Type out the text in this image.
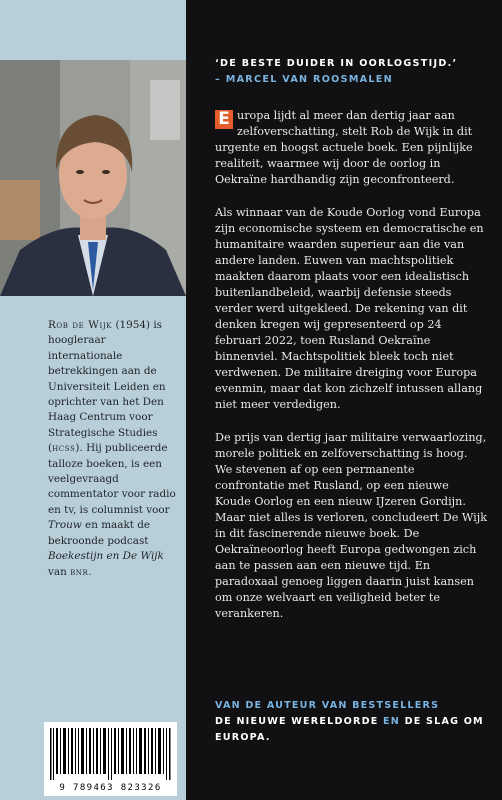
Rob de Wijk (1954) is hoogleraar internationale betrekkingen aan de Universiteit Leiden en oprichter van het Den Haag Centrum voor Strategische Studies (hcss). Hij publiceerde talloze boeken, is een veelgevraagd commentator voor radio en tv, is columnist voor Trouw en maakt de bekroonde podcast Boekestijn en De Wijk van bnr.
9 789463 823326
‘DE BESTE DUIDER IN OORLOGSTIJD.’
– MARCEL VAN ROOSMALEN

E uropa lijdt al meer dan dertig jaar aan zelfoverschatting, stelt Rob de Wijk in dit urgente en hoogst actuele boek. Een pijnlijke realiteit, waarmee wij door de oorlog in Oekraïne hardhandig zijn geconfronteerd.

Als winnaar van de Koude Oorlog vond Europa zijn economische systeem en democratische en humanitaire waarden superieur aan die van andere landen. Euwen van machtspolitiek maakten daarom plaats voor een idealistisch buitenlandbeleid, waarbij defensie steeds verder werd uitgekleed. De rekening van dit denken kregen wij gepresenteerd op 24 februari 2022, toen Rusland Oekraïne binnenviel. Machtspolitiek bleek toch niet verdwenen. De militaire dreiging voor Europa evenmin, maar dat kon zichzelf intussen allang niet meer verdedigen.

De prijs van dertig jaar militaire verwaarlozing, morele politiek en zelfoverschatting is hoog. We stevenen af op een permanente confrontatie met Rusland, op een nieuwe Koude Oorlog en een nieuw IJzeren Gordijn. Maar niet alles is verloren, concludeert De Wijk in dit fascinerende nieuwe boek. De Oekraïneoorlog heeft Europa gedwongen zich aan te passen aan een nieuwe tijd. En paradoxaal genoeg liggen daarin juist kansen om onze welvaart en veiligheid beter te verankeren.

VAN DE AUTEUR VAN BESTSELLERS
DE NIEUWE WERELDORDE EN DE SLAG OM EUROPA.
